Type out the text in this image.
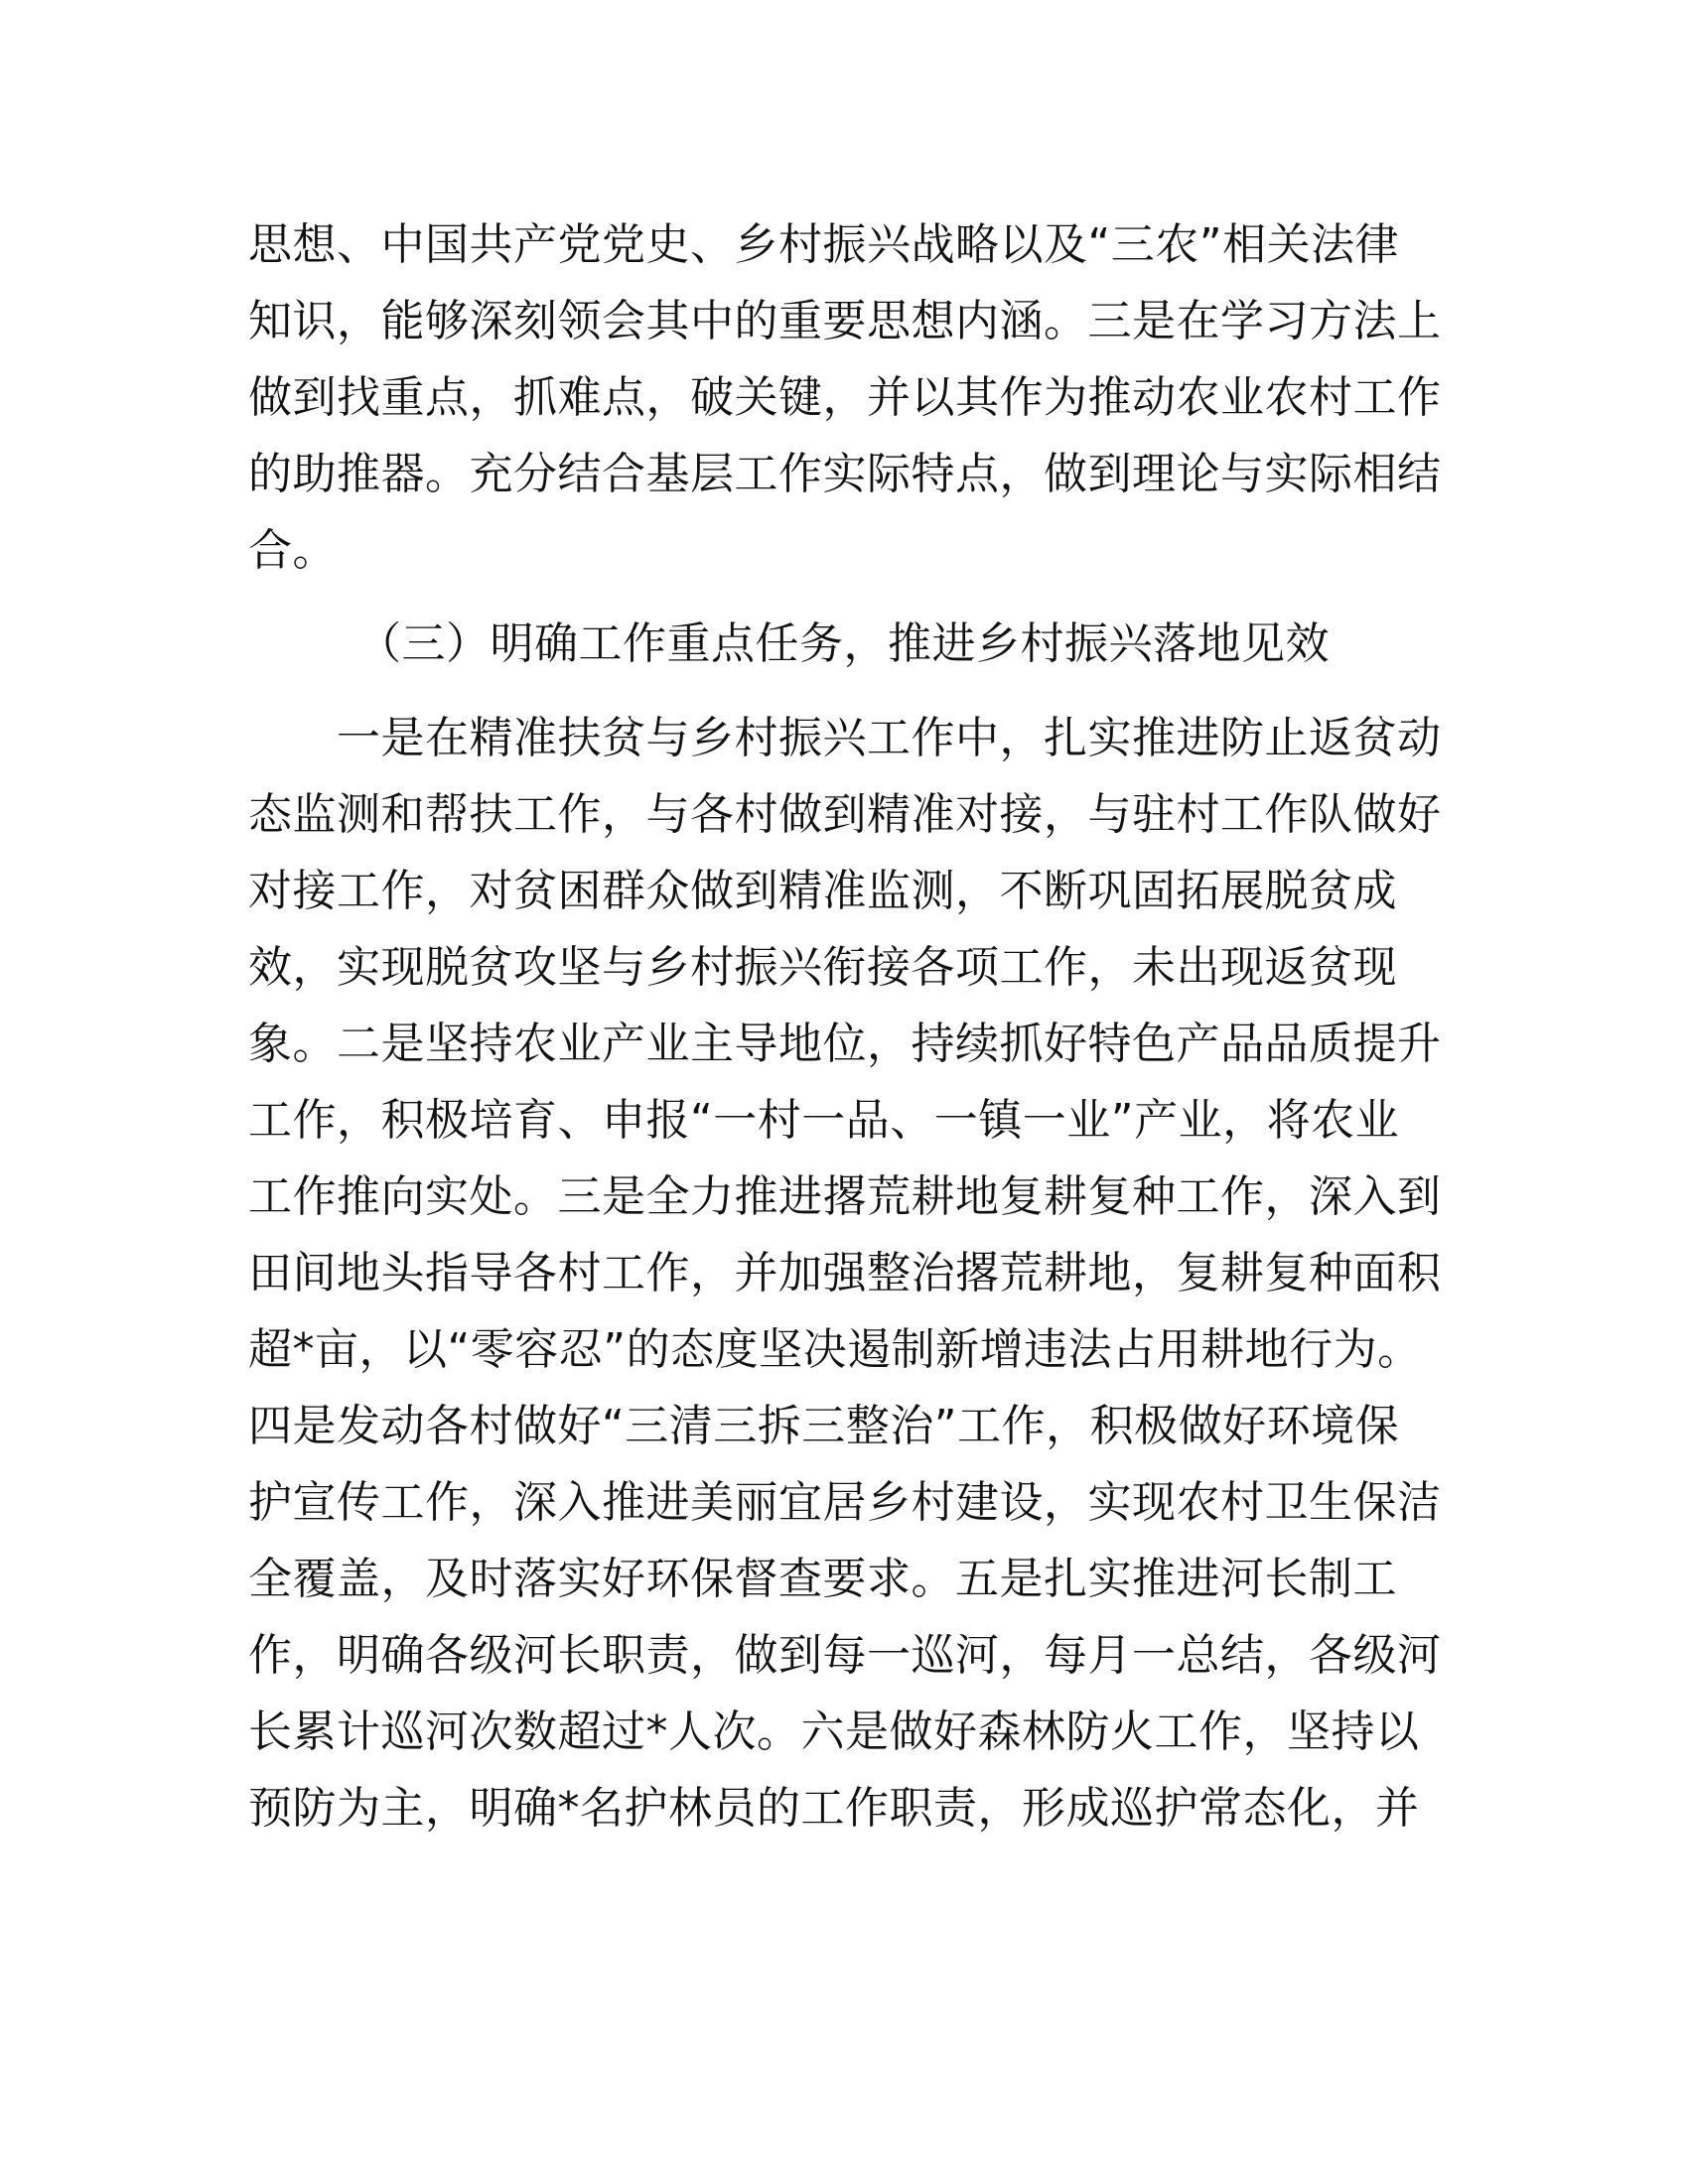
思想、中国共产党党史、乡村振兴战略以及“三农”相关法律
知识，能够深刻领会其中的重要思想内涵。三是在学习方法上
做到找重点，抓难点，破关键，并以其作为推动农业农村工作
的助推器。充分结合基层工作实际特点，做到理论与实际相结
合。
（三）明确工作重点任务，推进乡村振兴落地见效
一是在精准扶贫与乡村振兴工作中，扎实推进防止返贫动
态监测和帮扶工作，与各村做到精准对接，与驻村工作队做好
对接工作，对贫困群众做到精准监测，不断巩固拓展脱贫成
效，实现脱贫攻坚与乡村振兴衔接各项工作，未出现返贫现
象。二是坚持农业产业主导地位，持续抓好特色产品品质提升
工作，积极培育、申报“一村一品、一镇一业”产业，将农业
工作推向实处。三是全力推进撂荒耕地复耕复种工作，深入到
田间地头指导各村工作，并加强整治撂荒耕地，复耕复种面积
超*亩，以“零容忍”的态度坚决遏制新增违法占用耕地行为。
四是发动各村做好“三清三拆三整治”工作，积极做好环境保
护宣传工作，深入推进美丽宜居乡村建设，实现农村卫生保洁
全覆盖，及时落实好环保督查要求。五是扎实推进河长制工
作，明确各级河长职责，做到每一巡河，每月一总结，各级河
长累计巡河次数超过*人次。六是做好森林防火工作，坚持以
预防为主，明确*名护林员的工作职责，形成巡护常态化，并
